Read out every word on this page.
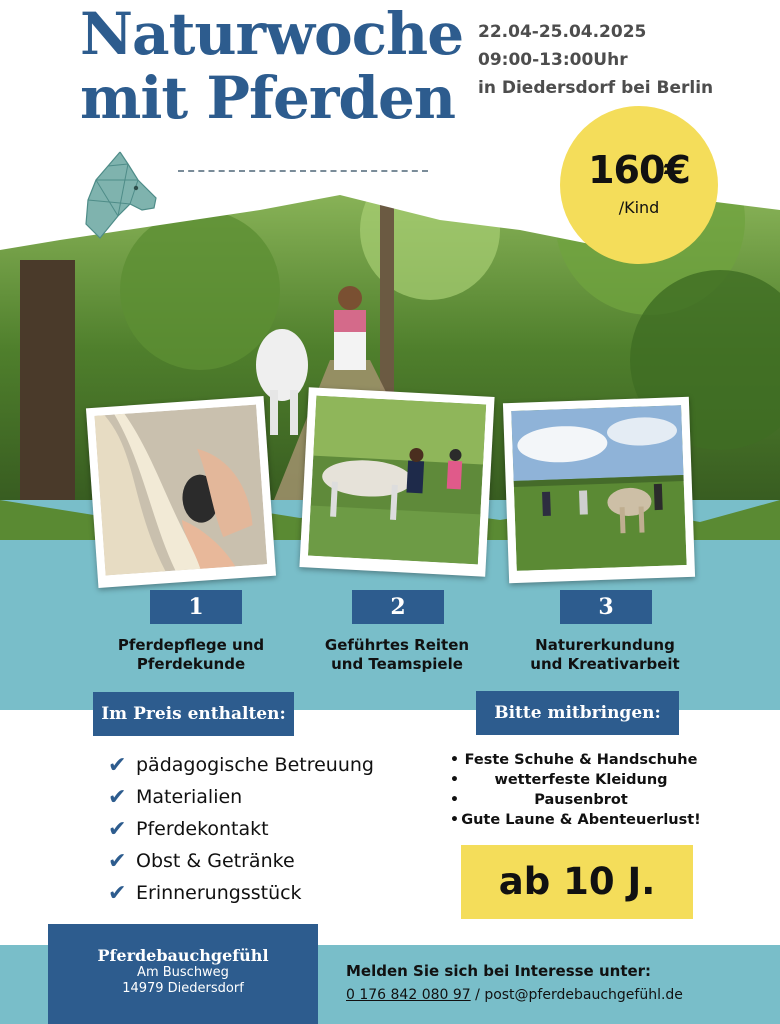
Naturwoche
mit Pferden
22.04-25.04.2025
09:00-13:00Uhr
in Diedersdorf bei Berlin
160€
/Kind
1	2	3
Pferdepflege und
Pferdekunde
Geführtes Reiten
und Teamspiele
Naturerkundung
und Kreativarbeit
Im Preis enthalten:
✔ pädagogische Betreuung
✔ Materialien
✔ Pferdekontakt
✔ Obst & Getränke
✔ Erinnerungsstück
Bitte mitbringen:
• Feste Schuhe & Handschuhe
• wetterfeste Kleidung
• Pausenbrot
• Gute Laune & Abenteuerlust!
ab 10 J.
Pferdebauchgefühl
Am Buschweg
14979 Diedersdorf
Melden Sie sich bei Interesse unter:
0 176 842 080 97 / post@pferdebauchgefühl.de
